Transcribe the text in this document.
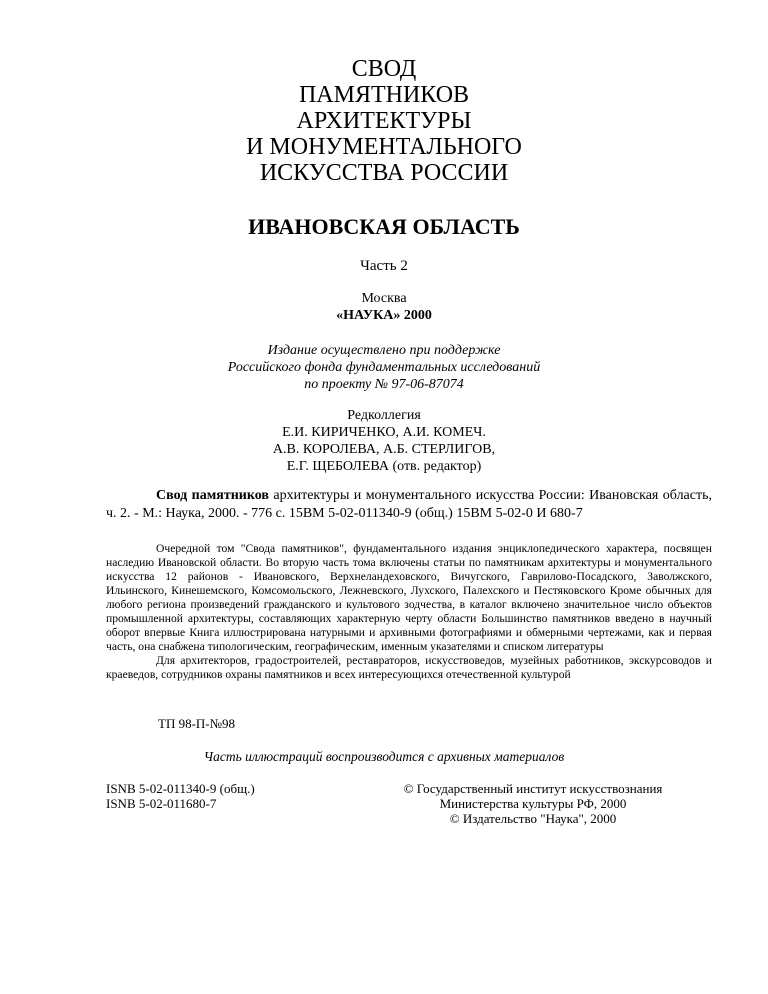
СВОД
ПАМЯТНИКОВ
АРХИТЕКТУРЫ
И МОНУМЕНТАЛЬНОГО
ИСКУССТВА РОССИИ
ИВАНОВСКАЯ ОБЛАСТЬ
Часть 2
Москва
«НАУКА» 2000
Издание осуществлено при поддержке
Российского фонда фундаментальных исследований
по проекту № 97-06-87074
Редколлегия
Е.И. КИРИЧЕНКО, А.И. КОМЕЧ.
А.В. КОРОЛЕВА, А.Б. СТЕРЛИГОВ,
Е.Г. ЩЕБОЛЕВА (отв. редактор)

Свод памятников архитектуры и монументального искусства России: Ивановская область, ч. 2. - М.: Наука, 2000. - 776 с. 15ВМ 5-02-011340-9 (общ.) 15ВМ 5-02-0 И 680-7

Очередной том "Свода памятников", фундаментального издания энциклопедического характера, посвящен наследию Ивановской области. Во вторую часть тома включены статьи по памятникам архитектуры и монументального искусства 12 районов - Ивановского, Верхнеландеховского, Вичугского, Гаврилово-Посадского, Заволжского, Ильинского, Кинешемского, Комсомольского, Лежневского, Лухского, Палехского и Пестяковского Кроме обычных для любого региона произведений гражданского и культового зодчества, в каталог включено значительное число объектов промышленной архитектуры, составляющих характерную черту области Большинство памятников введено в научный оборот впервые Книга иллюстрирована натурными и архивными фотографиями и обмерными чертежами, как и первая часть, она снабжена типологическим, географическим, именным указателями и списком литературы

Для архитекторов, градостроителей, реставраторов, искусствоведов, музейных работников, экскурсоводов и краеведов, сотрудников охраны памятников и всех интересующихся отечественной культурой

ТП 98-П-№98
Часть иллюстраций воспроизводится с архивных материалов
ISNB 5-02-011340-9 (общ.)
ISNB 5-02-011680-7
© Государственный институт искусствознания
Министерства культуры РФ, 2000
© Издательство "Наука", 2000
